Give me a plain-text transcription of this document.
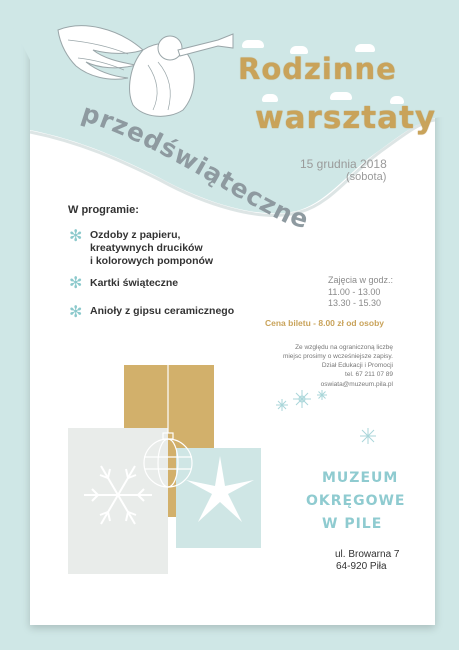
Rodzinne
warsztaty
przedświąteczne
15 grudnia 2018
(sobota)
W programie:
✻ Ozdoby z papieru,
kreatywnych drucików
i kolorowych pomponów
✻ Kartki świąteczne
✻ Anioły z gipsu ceramicznego
Zajęcia w godz.:
11.00 - 13.00
13.30 - 15.30
Cena biletu - 8.00 zł od osoby
Ze względu na ograniczoną liczbę
miejsc prosimy o wcześniejsze zapisy.
Dział Edukacji i Promocji
tel. 67 211 07 89
oswiata@muzeum.pila.pl
MUZEUM
OKRĘGOWE
W PILE
ul. Browarna 7
64-920 Piła
